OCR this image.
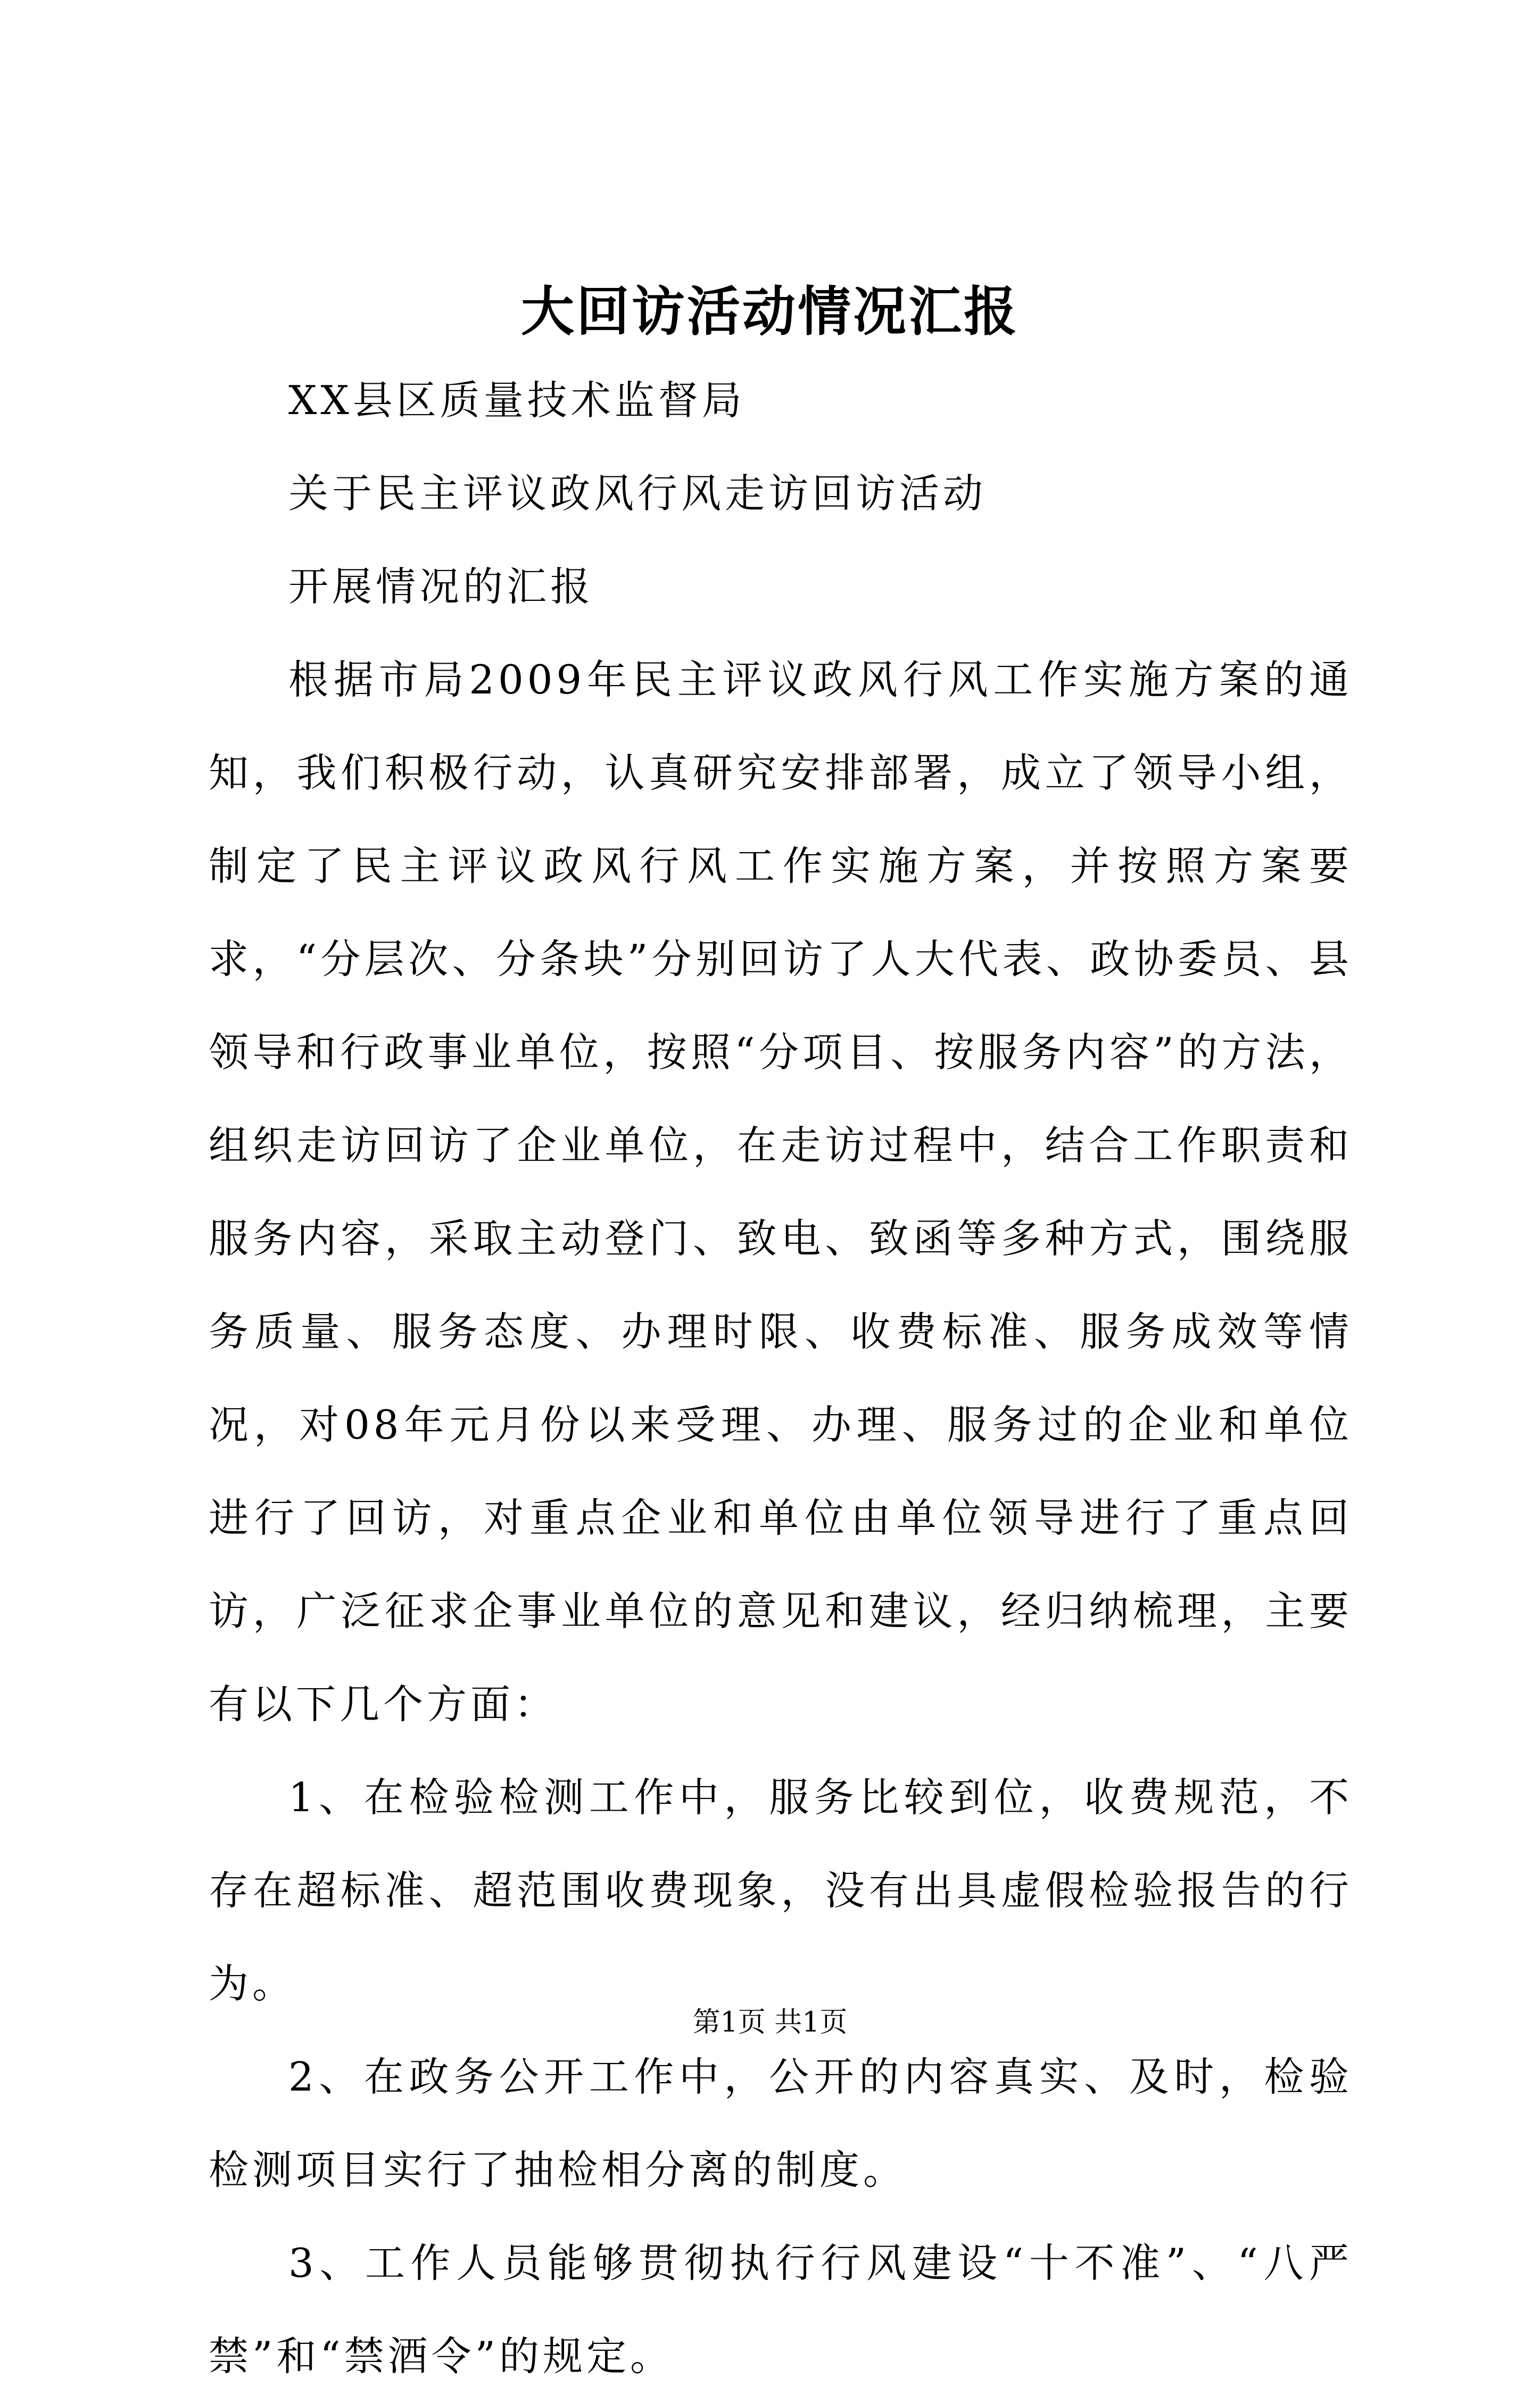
大回访活动情况汇报

XX县区质量技术监督局

关于民主评议政风行风走访回访活动

开展情况的汇报

根据市局2009年民主评议政风行风工作实施方案的通知，我们积极行动，认真研究安排部署，成立了领导小组，制定了民主评议政风行风工作实施方案，并按照方案要求，“分层次、分条块”分别回访了人大代表、政协委员、县领导和行政事业单位，按照“分项目、按服务内容”的方法，组织走访回访了企业单位，在走访过程中，结合工作职责和服务内容，采取主动登门、致电、致函等多种方式，围绕服务质量、服务态度、办理时限、收费标准、服务成效等情况，对08年元月份以来受理、办理、服务过的企业和单位进行了回访，对重点企业和单位由单位领导进行了重点回访，广泛征求企事业单位的意见和建议，经归纳梳理，主要有以下几个方面：

1、在检验检测工作中，服务比较到位，收费规范，不存在超标准、超范围收费现象，没有出具虚假检验报告的行为。

2、在政务公开工作中，公开的内容真实、及时，检验检测项目实行了抽检相分离的制度。

3、工作人员能够贯彻执行行风建设“十不准”、“八严禁”和“禁酒令”的规定。

第1页 共1页
